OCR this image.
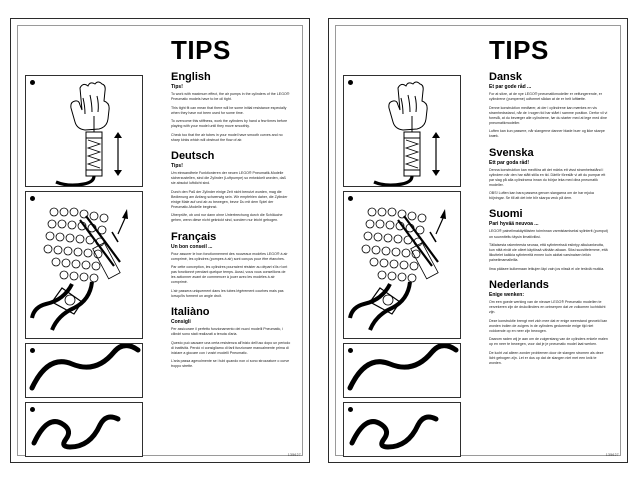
TIPS
English
Tips!

To work with maximum effect, the air pumps in the cylinders of the LEGO® Pneumatic models have to be oil tight.

This tight fit can mean that there will be some initial resistance especially when they have not been used for some time.

To overcome this stiffness, work the cylinders by hand a few times before playing with your model until they move smoothly.

Check too that the air tubes in your model have smooth curves and no sharp kinks which will obstruct the flow of air.

Deutsch
Tips!

Um einwandfreie Funktionieren der neuen LEGO® Pneumatik-Modelle sicherzustellen, sind die Zylinder (Luftpumpe) so entwickelt worden, daß sie absolut luftdicht sind.

Durch den Paß der Zylinder einige Zeit nicht benutzt wurden, mag die Bedienung am Anfang schwerwig sein. Wir empfehlen daher, die Zylinder einige Male auf und ab zu bewegen, bevor Du mit dem Spiel der Pneumatic-Modelle beginnst.

Überprüfe, ob und nur dann ohne Unterbrechung durch die Schläuche gehen, wenn diese nicht geknickt sind, sondern nur leicht gebogen.

Français
Un bon conseil ...

Pour assurer le bon fonctionnement des nouveaux modèles LEGO® à air comprimé, les cylindres (pompes à air) sont conçus pour être étanches.

Par cette conception, les cylindres pourraient résister au départ s'ils n'ont pas fonctionné pendant quelque temps. Aussi, vous vous conseillons de les actionner avant de commencer à jouer avec les modèles à air comprimé.

L'air passera uniquement dans les tubes légèrement courbes mais pas lorsqu'ils forment un angle droit.

Italiàno
Consigli

Per assicurare il perfetto funzionamento dei nuovi modelli Pneumatic, i cilindri sono stati realizzati a tenuta d'aria.

Questo può causare una certa resistenza all'inizio dell'uso dopo un periodo di inattività. Perciò vi consigliamo di farli funzionare manualmente prima di iniziare a giocare con i vostri modelli Pneumatic.

L'aria passa agevolmente se i tubi quando non ci sono strozzature o curve troppo strette.

135627
TIPS
Dansk
Et par gode råd ...

For at sikre, at de nye LEGO® pneumatikmodeller er velfungerende, er cylindrene (pumperne) udformet sådan at de er helt lufttætte.

Denne konstruktion medfører, at der i cylindrene kan mærkes en vis stramhedsstand, når de i nogen tid har stået i samme position. Derfor vil vi foreslå, at du bevæger alle cylindrene, før du starter med at lege med dine pneumatikmodeller.

Luften kan kun passere, når slangerne danner bløde buer og ikke skarpe knæk.

Svenska
Ett par goda råd!

Denna konstruktion kan medföra att det märks ett visst stramhetsstånd i cylindern när den har stått stilla en tid. Därför föreslår vi att du pumpar ett par slag på alla cylindrarna innan du börjar leka med dina pneumatik modeller.

OBS! Luften kan bara passera genom slangarna om de har mjuka böjningar. Se till att det inte blir skarpa veck på dem.

Suomi
Pari hyvää neuvoa ...

LEGO® paineilmakäyttöisten toiminnan varmistamiseksi sylinterit (pumput) on suunniteltu täysin ilmatiiviiksi.

Tällaisesta rakenteesta seuraa, että sylintereissä esiintyy alkukankeutta, kun niitä eivät ole olleet käytössä vähään aikaan. Siksi suosittelemme, että liikuttelet kaikkia sylintereitä ennen kuin aloitat varsinaisen leikin paineilmamalleilla.

Ilma pääsee kulkemaan letkujen läpi vain jos niissä ei ole teräviä mutkia.

Nederlands
Enige wenken:

Om een goede werking van de nieuwe LEGO® Pneumatic modellen te verzekeren zijn de drukcilinders en ontwerpen dat ze volkomen luchtdicht zijn.

Deze konstruktie brengt met zich mee dat er enige weerstand gevoeld kan worden indien de zuigers in de cylinders gedurende enige tijd niet voldoende op en neer zijn bewogen.

Daarom raden wij je aan om de zuigerstang van de cylinders enkele malen op en neer te bewegen, voor dat je je pneumatic model laat werken.

De lucht zal alleen zonder problemen door de slangen stromen als deze licht gebogen zijn. Let er dus op dat de slangen niet met een knik te worden.

135627
